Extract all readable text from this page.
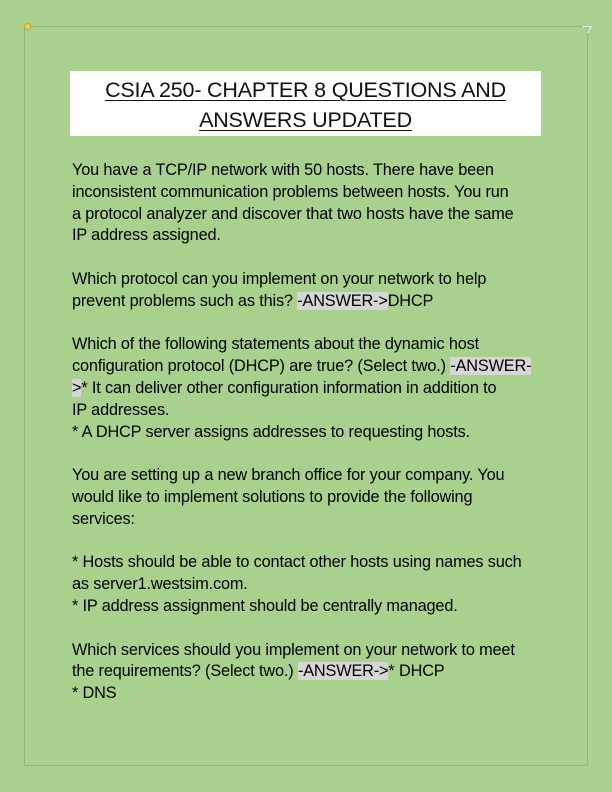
CSIA 250- CHAPTER 8 QUESTIONS AND
ANSWERS UPDATED

You have a TCP/IP network with 50 hosts. There have been
inconsistent communication problems between hosts. You run
a protocol analyzer and discover that two hosts have the same
IP address assigned.

Which protocol can you implement on your network to help
prevent problems such as this? -ANSWER->DHCP

Which of the following statements about the dynamic host
configuration protocol (DHCP) are true? (Select two.) -ANSWER-
>* It can deliver other configuration information in addition to
IP addresses.
* A DHCP server assigns addresses to requesting hosts.

You are setting up a new branch office for your company. You
would like to implement solutions to provide the following
services:

* Hosts should be able to contact other hosts using names such
as server1.westsim.com.
* IP address assignment should be centrally managed.

Which services should you implement on your network to meet
the requirements? (Select two.) -ANSWER->* DHCP
* DNS
